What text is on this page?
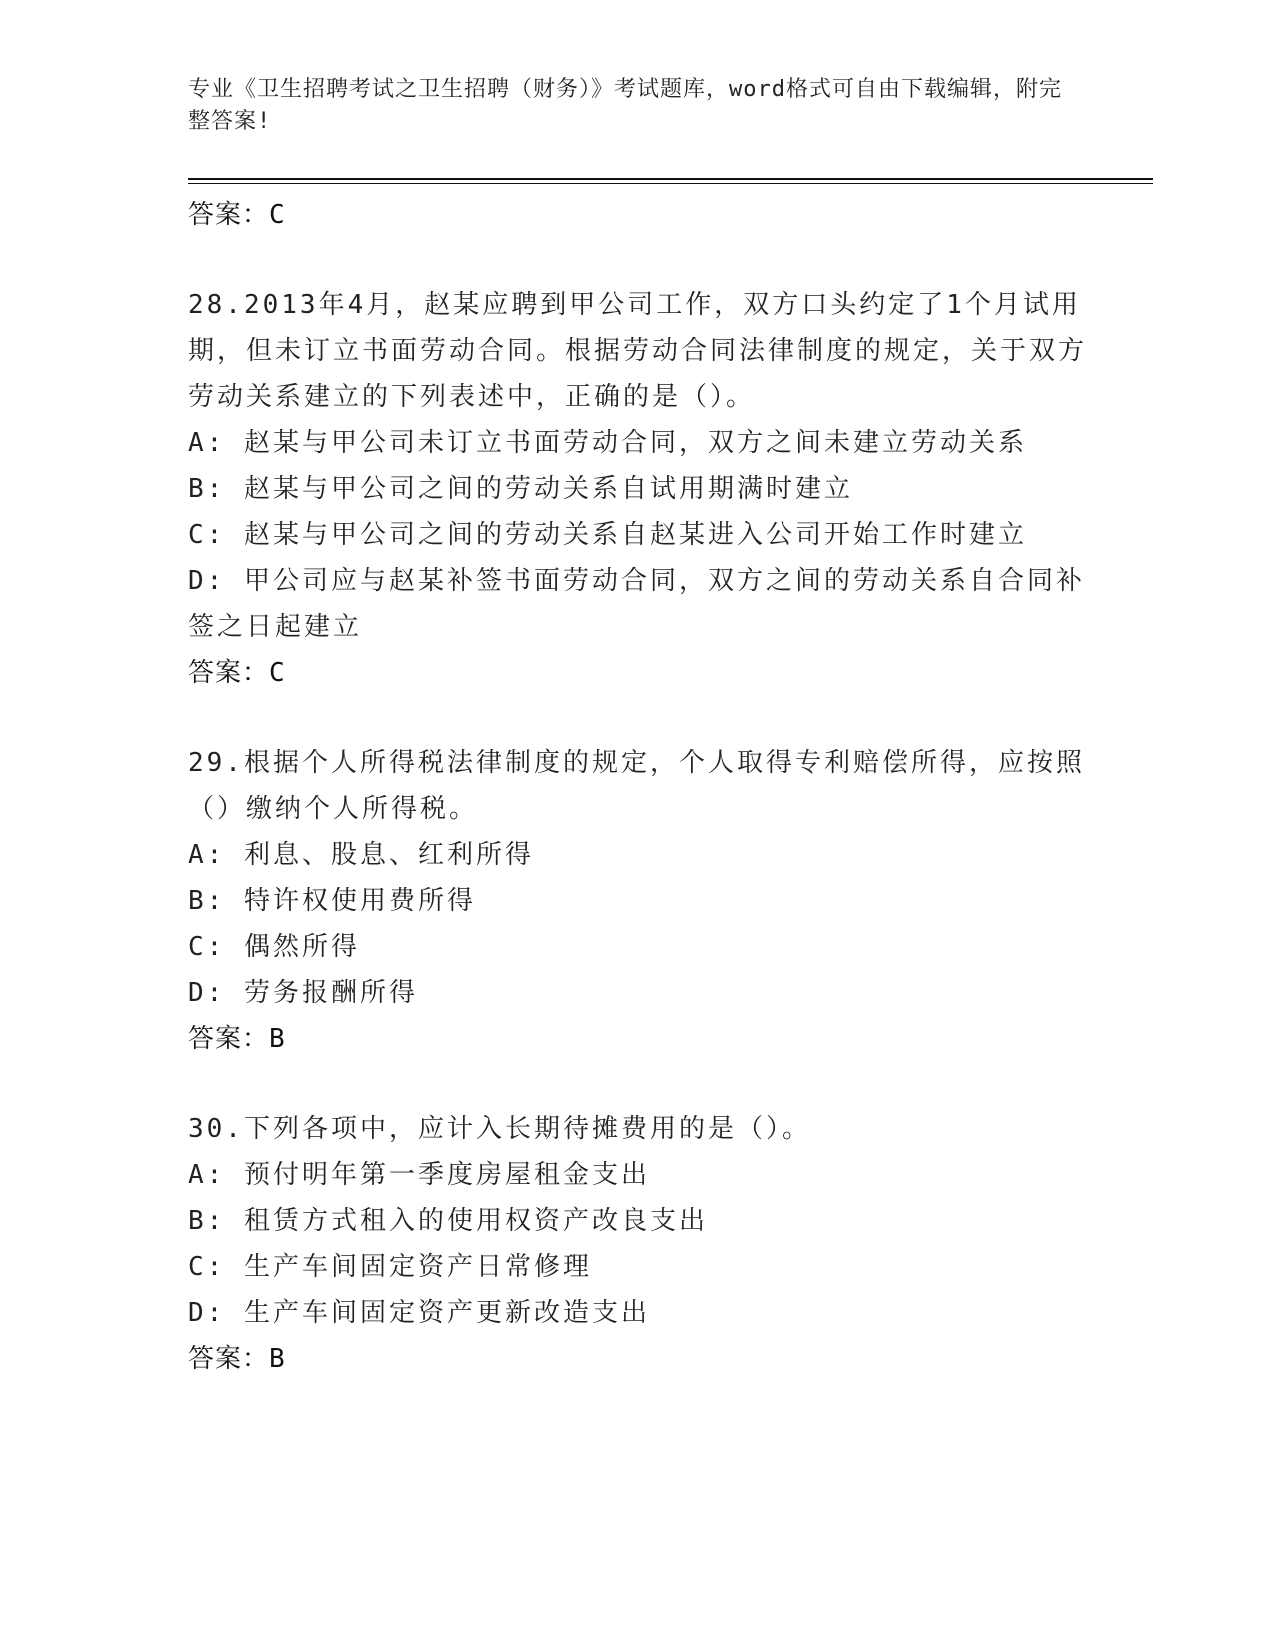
专业《卫生招聘考试之卫生招聘（财务）》考试题库，word格式可自由下载编辑，附完整答案!

答案：C

28.2013年4月，赵某应聘到甲公司工作，双方口头约定了1个月试用期，但未订立书面劳动合同。根据劳动合同法律制度的规定，关于双方劳动关系建立的下列表述中，正确的是（）。

A: 赵某与甲公司未订立书面劳动合同，双方之间未建立劳动关系

B: 赵某与甲公司之间的劳动关系自试用期满时建立

C: 赵某与甲公司之间的劳动关系自赵某进入公司开始工作时建立

D: 甲公司应与赵某补签书面劳动合同，双方之间的劳动关系自合同补签之日起建立

答案：C

29.根据个人所得税法律制度的规定，个人取得专利赔偿所得，应按照（）缴纳个人所得税。

A: 利息、股息、红利所得

B: 特许权使用费所得

C: 偶然所得

D: 劳务报酬所得

答案：B

30.下列各项中，应计入长期待摊费用的是（）。

A: 预付明年第一季度房屋租金支出

B: 租赁方式租入的使用权资产改良支出

C: 生产车间固定资产日常修理

D: 生产车间固定资产更新改造支出

答案：B
